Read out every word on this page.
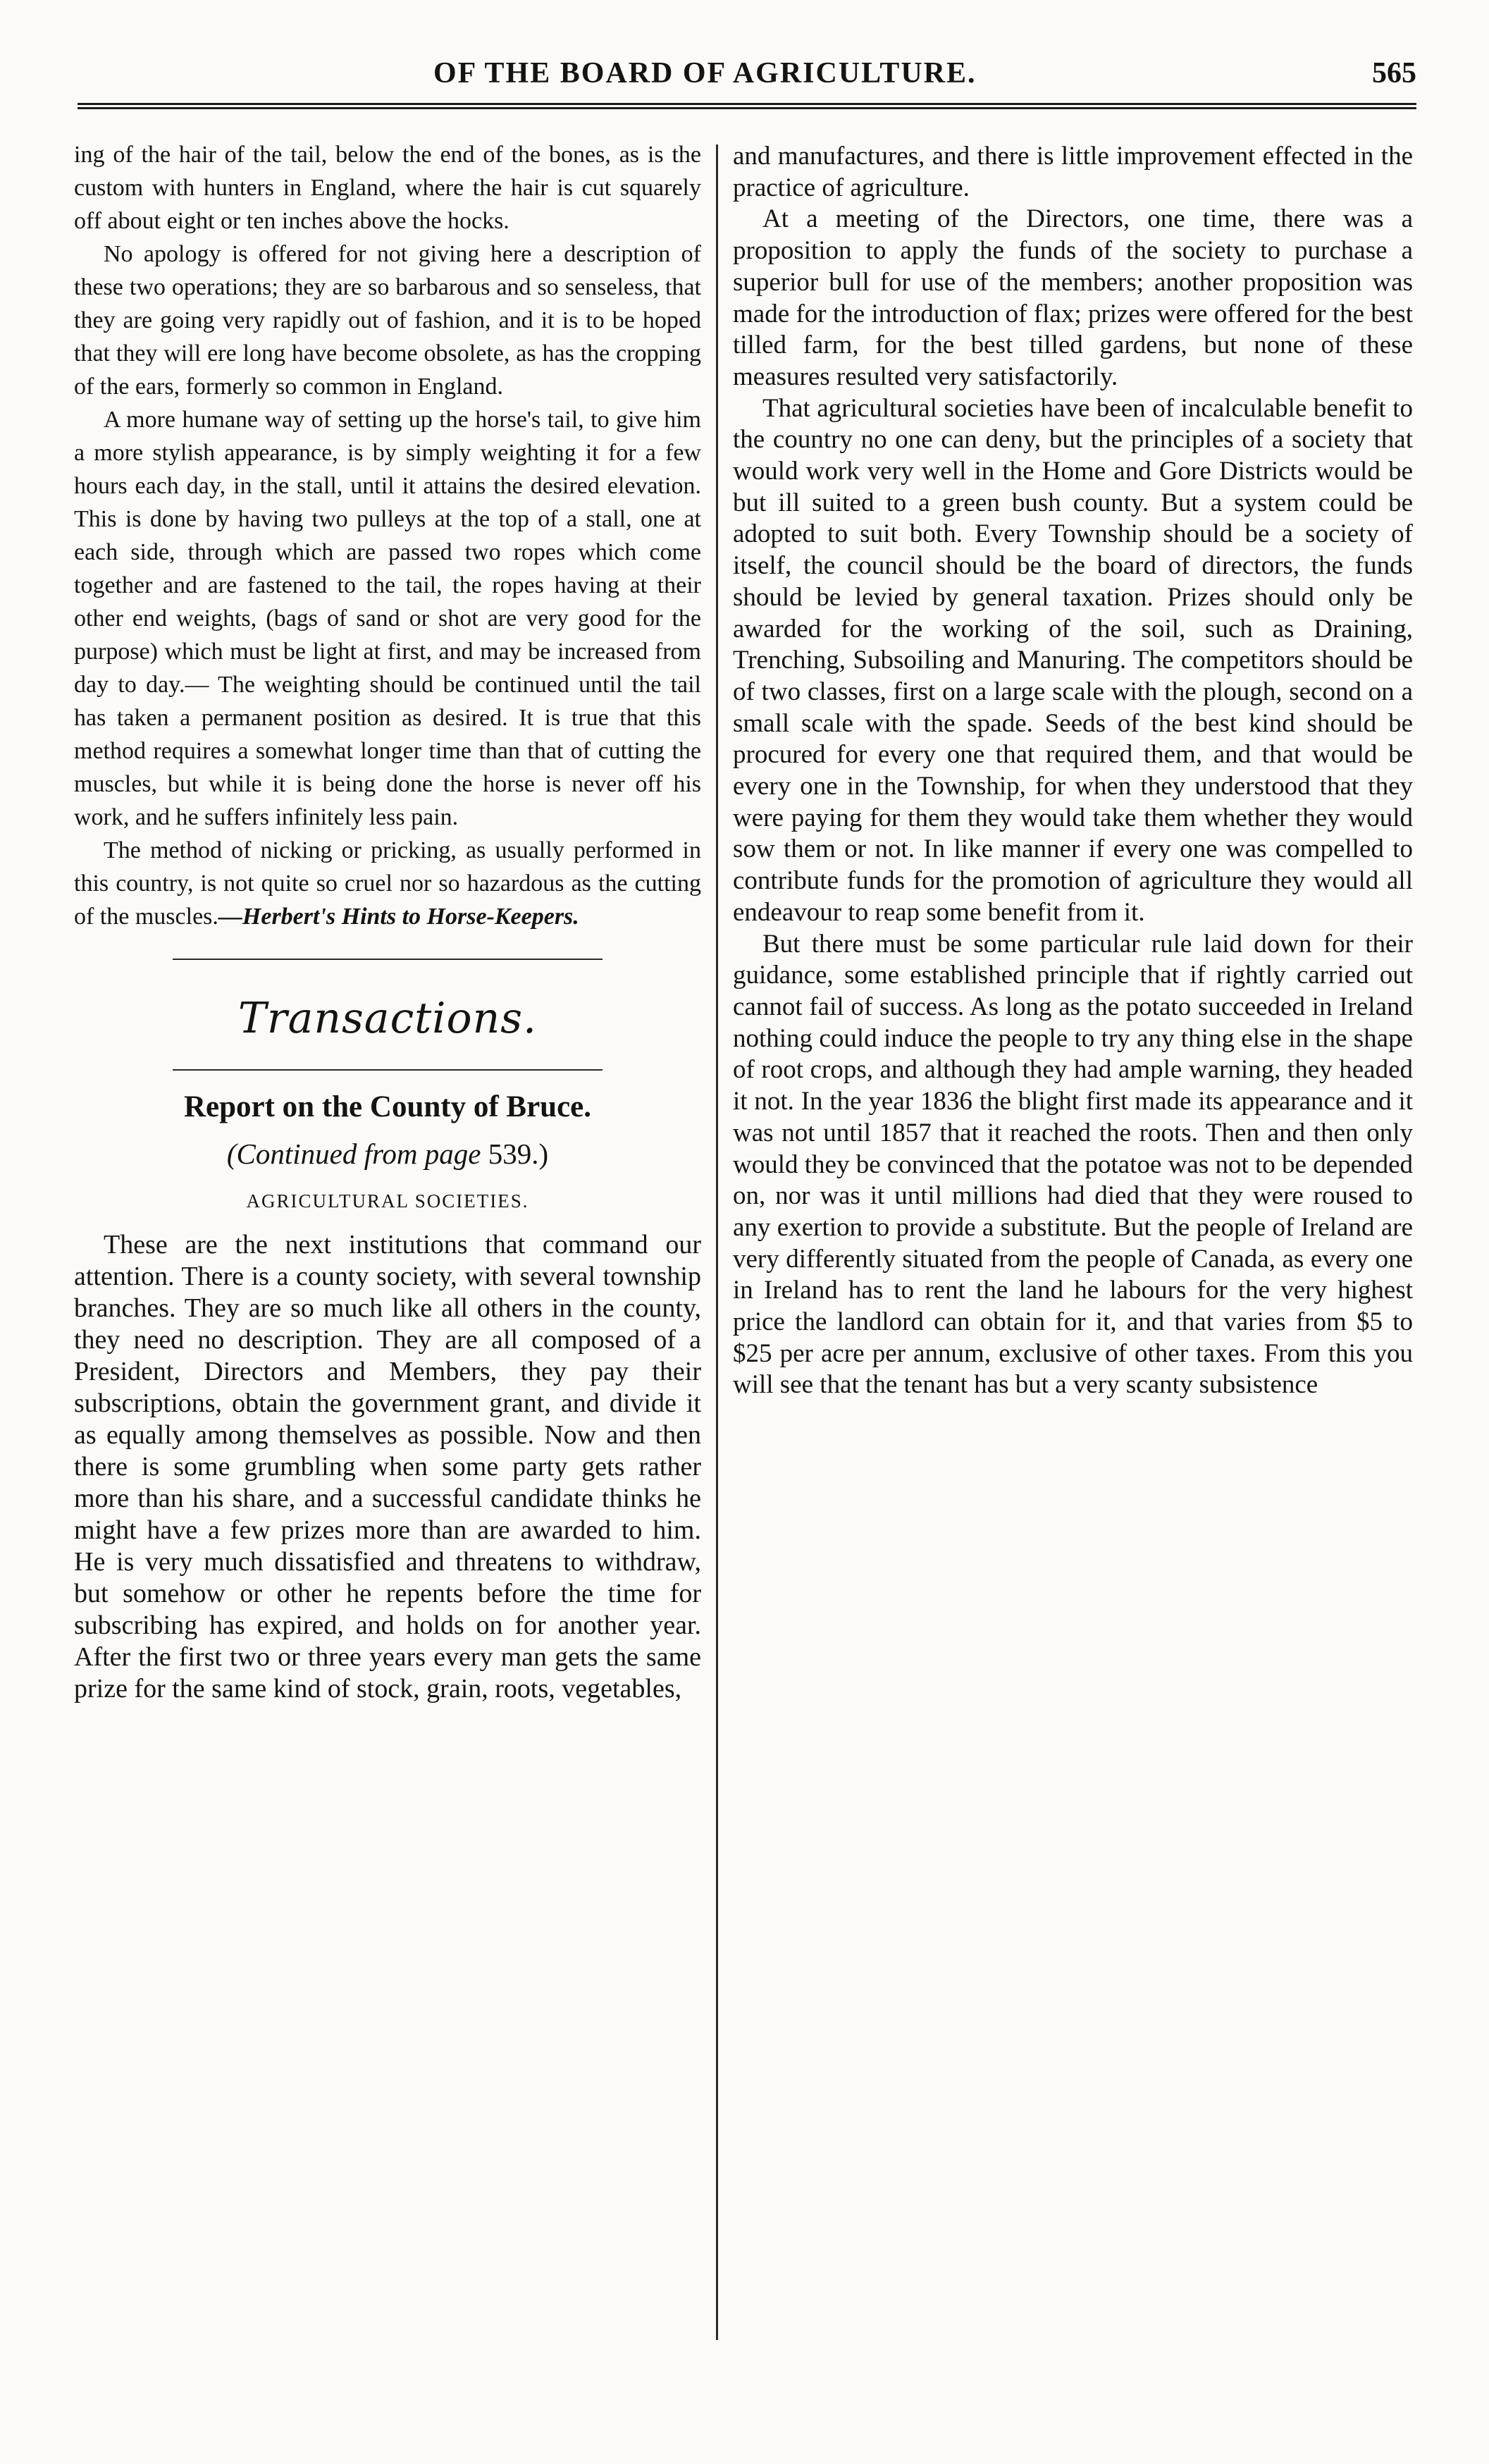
OF THE BOARD OF AGRICULTURE.	565

ing of the hair of the tail, below the end of the bones, as is the custom with hunters in England, where the hair is cut squarely off about eight or ten inches above the hocks.

No apology is offered for not giving here a description of these two operations; they are so barbarous and so senseless, that they are going very rapidly out of fashion, and it is to be hoped that they will ere long have become obsolete, as has the cropping of the ears, formerly so common in England.

A more humane way of setting up the horse's tail, to give him a more stylish appearance, is by simply weighting it for a few hours each day, in the stall, until it attains the desired elevation. This is done by having two pulleys at the top of a stall, one at each side, through which are passed two ropes which come together and are fastened to the tail, the ropes having at their other end weights, (bags of sand or shot are very good for the purpose) which must be light at first, and may be increased from day to day.— The weighting should be continued until the tail has taken a permanent position as desired. It is true that this method requires a somewhat longer time than that of cutting the muscles, but while it is being done the horse is never off his work, and he suffers infinitely less pain.

The method of nicking or pricking, as usually performed in this country, is not quite so cruel nor so hazardous as the cutting of the muscles.—Herbert's Hints to Horse-Keepers.

Transactions.
Report on the County of Bruce.
(Continued from page 539.)
AGRICULTURAL SOCIETIES.

These are the next institutions that command our attention. There is a county society, with several township branches. They are so much like all others in the county, they need no description. They are all composed of a President, Directors and Members, they pay their subscriptions, obtain the government grant, and divide it as equally among themselves as possible. Now and then there is some grumbling when some party gets rather more than his share, and a successful candidate thinks he might have a few prizes more than are awarded to him. He is very much dissatisfied and threatens to withdraw, but somehow or other he repents before the time for subscribing has expired, and holds on for another year. After the first two or three years every man gets the same prize for the same kind of stock, grain, roots, vegetables,

and manufactures, and there is little improvement effected in the practice of agriculture.

At a meeting of the Directors, one time, there was a proposition to apply the funds of the society to purchase a superior bull for use of the members; another proposition was made for the introduction of flax; prizes were offered for the best tilled farm, for the best tilled gardens, but none of these measures resulted very satisfactorily.

That agricultural societies have been of incalculable benefit to the country no one can deny, but the principles of a society that would work very well in the Home and Gore Districts would be but ill suited to a green bush county. But a system could be adopted to suit both. Every Township should be a society of itself, the council should be the board of directors, the funds should be levied by general taxation. Prizes should only be awarded for the working of the soil, such as Draining, Trenching, Subsoiling and Manuring. The competitors should be of two classes, first on a large scale with the plough, second on a small scale with the spade. Seeds of the best kind should be procured for every one that required them, and that would be every one in the Township, for when they understood that they were paying for them they would take them whether they would sow them or not. In like manner if every one was compelled to contribute funds for the promotion of agriculture they would all endeavour to reap some benefit from it.

But there must be some particular rule laid down for their guidance, some established principle that if rightly carried out cannot fail of success. As long as the potato succeeded in Ireland nothing could induce the people to try any thing else in the shape of root crops, and although they had ample warning, they headed it not. In the year 1836 the blight first made its appearance and it was not until 1857 that it reached the roots. Then and then only would they be convinced that the potatoe was not to be depended on, nor was it until millions had died that they were roused to any exertion to provide a substitute. But the people of Ireland are very differently situated from the people of Canada, as every one in Ireland has to rent the land he labours for the very highest price the landlord can obtain for it, and that varies from $5 to $25 per acre per annum, exclusive of other taxes. From this you will see that the tenant has but a very scanty subsistence
